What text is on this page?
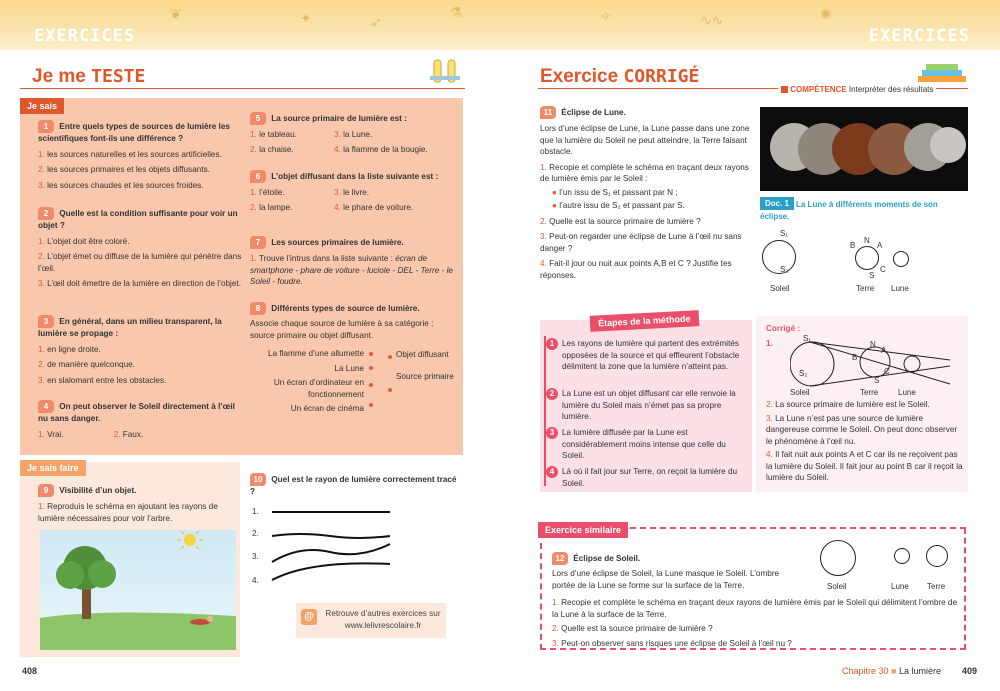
EXERCICES	EXERCICES
❦	✦	➶
⚗	✧	∿∿	✺
Je me TESTE
Je sais
1 Entre quels types de sources de lumière les scientifiques font-ils une différence ?
1. les sources naturelles et les sources artificielles.
2. les sources primaires et les objets diffusants.
3. les sources chaudes et les sources froides.
2 Quelle est la condition suffisante pour voir un objet ?
1. L’objet doit être coloré.
2. L’objet émet ou diffuse de la lumière qui pénètre dans l’œil.
3. L’œil doit émettre de la lumière en direction de l’objet.
3 En général, dans un milieu transparent, la lumière se propage :
1. en ligne droite.
2. de manière quelconque.
3. en slalomant entre les obstacles.
4 On peut observer le Soleil directement à l’œil nu sans danger.
1. Vrai.	2. Faux.
5 La source primaire de lumière est :
1. le tableau.	3. la Lune.
2. la chaise.	4. la flamme de la bougie.
6 L’objet diffusant dans la liste suivante est :
1. l’étoile.	3. le livre.
2. la lampe.	4. le phare de voiture.
7 Les sources primaires de lumière.
1. Trouve l’intrus dans la liste suivante : écran de smartphone - phare de voiture - luciole - DEL - Terre - le Soleil - foudre.
8 Différents types de source de lumière.
Associe chaque source de lumière à sa catégorie : source primaire ou objet diffusant.
La flamme d’une allumette
La Lune
Un écran d’ordinateur en fonctionnement
Un écran de cinéma
Objet diffusant
Source primaire
Je sais faire
9 Visibilité d’un objet.
1. Reproduis le schéma en ajoutant les rayons de lumière nécessaires pour voir l’arbre.
10 Quel est le rayon de lumière correctement tracé ?
1.
2.
3.
4.
@	Retrouve d’autres exercices sur www.lelivrescolaire.fr
408
Exercice CORRIGÉ
COMPÉTENCE Interpréter des résultats
11 Éclipse de Lune.
Lors d’une éclipse de Lune, la Lune passe dans une zone que la lumière du Soleil ne peut atteindre, la Terre faisant obstacle.
1. Recopie et complète le schéma en traçant deux rayons de lumière émis par le Soleil :
● l’un issu de S₁ et passant par N ;
● l’autre issu de S₂ et passant par S.
2. Quelle est la source primaire de lumière ?
3. Peut-on regarder une éclipse de Lune à l’œil nu sans danger ?
4. Fait-il jour ou nuit aux points A,B et C ? Justifie tes réponses.
Doc. 1 La Lune à différents moments de son éclipse.
S₁
S₂
N
B	A
C
S
Soleil	Terre Lune
Étapes de la méthode
Les rayons de lumière qui partent des extrémités opposées de la source et qui effleurent l’obstacle délimitent la zone que la lumière n’atteint pas.
La Lune est un objet diffusant car elle renvoie la lumière du Soleil mais n’émet pas sa propre lumière.
La lumière diffusée par la Lune est considérablement moins intense que celle du Soleil.
Là où il fait jour sur Terre, on reçoit la lumière du Soleil.
1
2
3
4
Corrigé :
1.
S₁
S₂
N
B
A
C
S
Soleil	Terre Lune
2. La source primaire de lumière est le Soleil.
3. La Lune n’est pas une source de lumière dangereuse comme le Soleil. On peut donc observer le phénomène à l’œil nu.
4. Il fait nuit aux points A et C car ils ne reçoivent pas la lumière du Soleil. Il fait jour au point B car il reçoit la lumière du Soleil.
Exercice similaire
12 Éclipse de Soleil.
Lors d’une éclipse de Soleil, la Lune masque le Soleil. L’ombre portée de la Lune se forme sur la surface de la Terre.	Soleil	Lune Terre
1. Recopie et complète le schéma en traçant deux rayons de lumière émis par le Soleil qui délimitent l’ombre de la Lune à la surface de la Terre.
2. Quelle est la source primaire de lumière ?
3. Peut-on observer sans risques une éclipse de Soleil à l’œil nu ?
Chapitre 30 ■ La lumière 409
